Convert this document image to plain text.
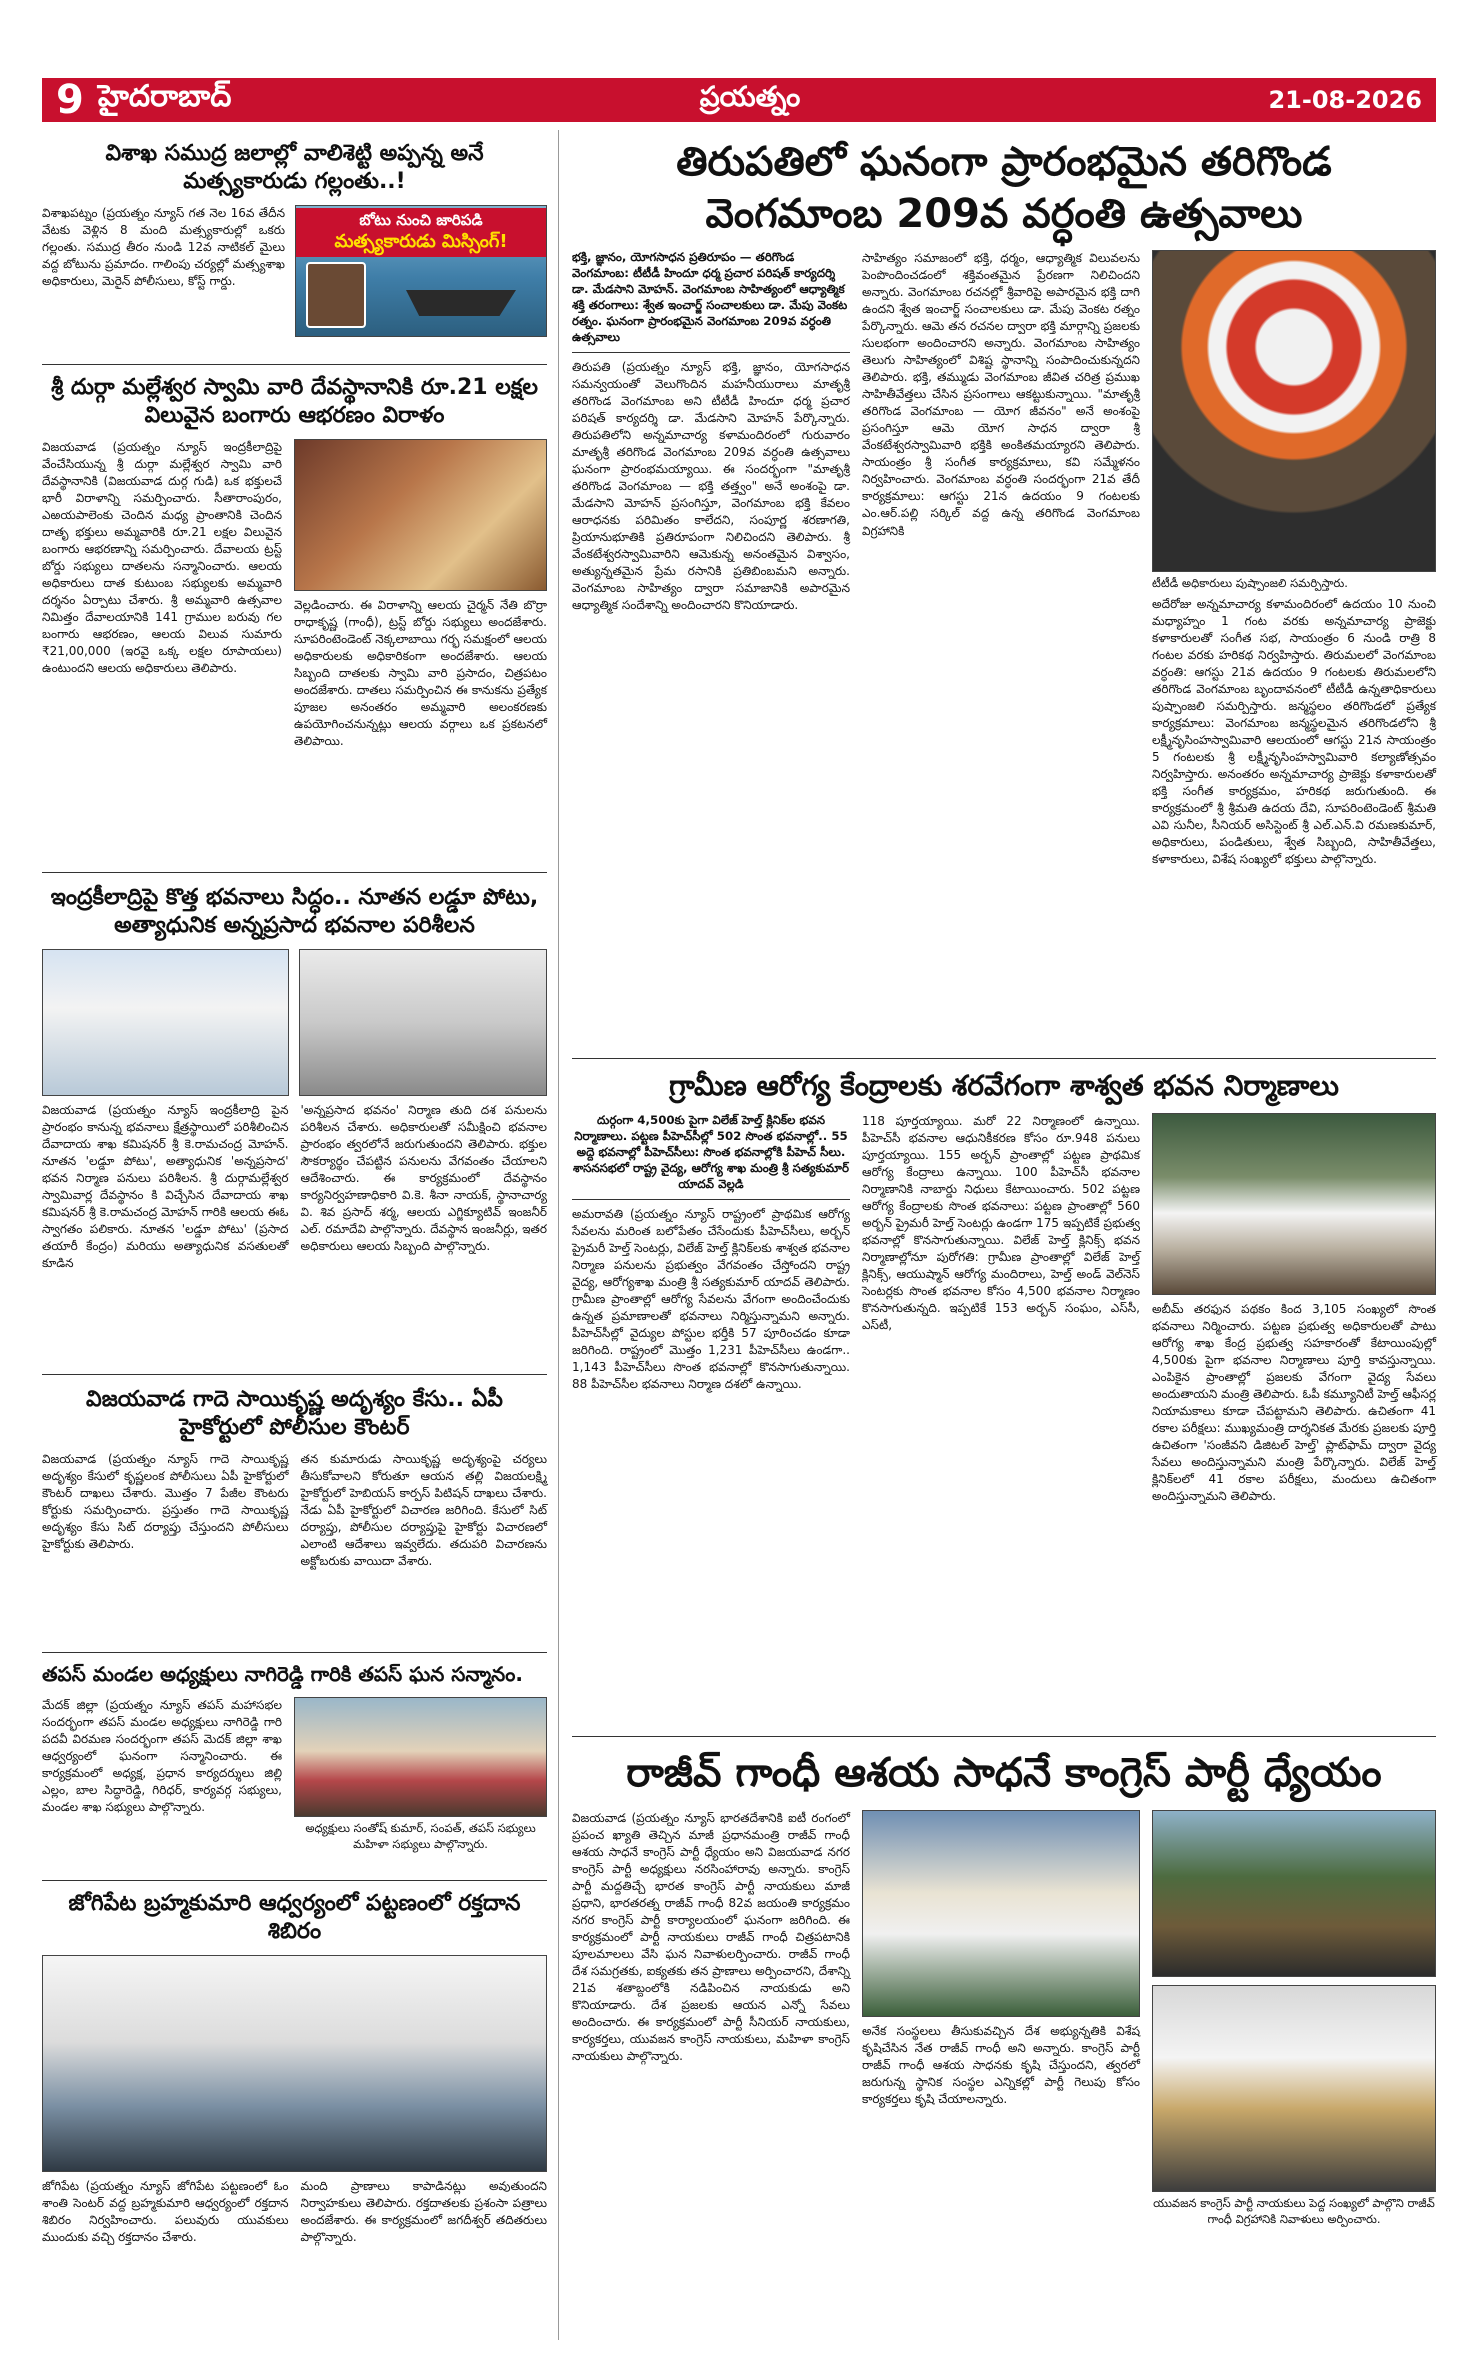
9 హైదరాబాద్	ప్రయత్నం	21-08-2026
విశాఖ సముద్ర జలాల్లో వాలిశెట్టి అప్పన్న అనే మత్స్యకారుడు గల్లంతు..!
విశాఖపట్నం (ప్రయత్నం న్యూస్ గత నెల 16వ తేదీన వేటకు వెళ్లిన 8 మంది మత్స్యకారుల్లో ఒకరు గల్లంతు. సముద్ర తీరం నుండి 12వ నాటికల్ మైలు వద్ద బోటును ప్రమాదం. గాలింపు చర్యల్లో మత్స్యశాఖ అధికారులు, మెరైన్ పోలీసులు, కోస్ట్ గార్డు.
బోటు నుంచి జారిపడి
మత్స్యకారుడు మిస్సింగ్!
శ్రీ దుర్గా మల్లేశ్వర స్వామి వారి దేవస్థానానికి రూ.21 లక్షల విలువైన బంగారు ఆభరణం విరాళం
విజయవాడ (ప్రయత్నం న్యూస్ ఇంద్రకీలాద్రిపై వేంచేసియున్న శ్రీ దుర్గా మల్లేశ్వర స్వామి వారి దేవస్థానానికి (విజయవాడ దుర్గ గుడి) ఒక భక్తులచే భారీ విరాళాన్ని సమర్పించారు. సీతారాంపురం, ఎఱయపాలెంకు చెందిన మధ్య ప్రాంతానికి చెందిన దాతృ భక్తులు అమ్మవారికి రూ.21 లక్షల విలువైన బంగారు ఆభరణాన్ని సమర్పించారు. దేవాలయ ట్రస్ట్ బోర్డు సభ్యులు దాతలను సన్మానించారు. ఆలయ అధికారులు దాత కుటుంబ సభ్యులకు అమ్మవారి దర్శనం ఏర్పాటు చేశారు. శ్రీ అమ్మవారి ఉత్సవాల నిమిత్తం దేవాలయానికి 141 గ్రాముల బరువు గల బంగారు ఆభరణం, ఆలయ విలువ సుమారు ₹21,00,000 (ఇరవై ఒక్క లక్షల రూపాయలు) ఉంటుందని ఆలయ అధికారులు తెలిపారు.
వెల్లడించారు. ఈ విరాళాన్ని ఆలయ చైర్మన్ నేతి బొర్రా రాధాకృష్ణ (గాంధీ), ట్రస్ట్ బోర్డు సభ్యులు అందజేశారు. సూపరింటెండెంట్ నెక్కలాబాయి గర్భ సమక్షంలో ఆలయ అధికారులకు అధికారికంగా అందజేశారు. ఆలయ సిబ్బంది దాతలకు స్వామి వారి ప్రసాదం, చిత్రపటం అందజేశారు. దాతలు సమర్పించిన ఈ కానుకను ప్రత్యేక పూజల అనంతరం అమ్మవారి అలంకరణకు ఉపయోగించనున్నట్లు ఆలయ వర్గాలు ఒక ప్రకటనలో తెలిపాయి.
ఇంద్రకీలాద్రిపై కొత్త భవనాలు సిద్ధం.. నూతన లడ్డూ పోటు, అత్యాధునిక అన్నప్రసాద భవనాల పరిశీలన
విజయవాడ (ప్రయత్నం న్యూస్ ఇంద్రకీలాద్రి పైన ప్రారంభం కానున్న భవనాలు క్షేత్రస్థాయిలో పరిశీలించిన దేవాదాయ శాఖ కమిషనర్ శ్రీ కె.రామచంద్ర మోహన్. నూతన 'లడ్డూ పోటు', అత్యాధునిక 'అన్నప్రసాద' భవన నిర్మాణ పనులు పరిశీలన. శ్రీ దుర్గామల్లేశ్వర స్వామివార్ల దేవస్థానం కి విచ్చేసిన దేవాదాయ శాఖ కమిషనర్ శ్రీ కె.రామచంద్ర మోహన్ గారికి ఆలయ ఈఓ స్వాగతం పలికారు. నూతన 'లడ్డూ పోటు' (ప్రసాద తయారీ కేంద్రం) మరియు అత్యాధునిక వసతులతో కూడిన
'అన్నప్రసాద భవనం' నిర్మాణ తుది దశ పనులను పరిశీలన చేశారు. అధికారులతో సమీక్షించి భవనాల ప్రారంభం త్వరలోనే జరుగుతుందని తెలిపారు. భక్తుల సౌకర్యార్థం చేపట్టిన పనులను వేగవంతం చేయాలని ఆదేశించారు. ఈ కార్యక్రమంలో దేవస్థానం కార్యనిర్వహణాధికారి వి.కె. శీనా నాయక్, స్థానాచార్య వి. శివ ప్రసాద్ శర్మ, ఆలయ ఎగ్జిక్యూటివ్ ఇంజనీర్ ఎల్. రమాదేవి పాల్గొన్నారు. దేవస్థాన ఇంజనీర్లు, ఇతర అధికారులు ఆలయ సిబ్బంది పాల్గొన్నారు.
విజయవాడ గాదె సాయికృష్ణ అదృశ్యం కేసు.. ఏపీ హైకోర్టులో పోలీసుల కౌంటర్
విజయవాడ (ప్రయత్నం న్యూస్ గాదె సాయికృష్ణ అదృశ్యం కేసులో కృష్ణలంక పోలీసులు ఏపీ హైకోర్టులో కౌంటర్ దాఖలు చేశారు. మొత్తం 7 పేజీల కౌంటరు కోర్టుకు సమర్పించారు. ప్రస్తుతం గాదె సాయికృష్ణ అదృశ్యం కేసు సిట్ దర్యాప్తు చేస్తుందని పోలీసులు హైకోర్టుకు తెలిపారు.
తన కుమారుడు సాయికృష్ణ అదృశ్యంపై చర్యలు తీసుకోవాలని కోరుతూ ఆయన తల్లి విజయలక్ష్మి హైకోర్టులో హెబియస్ కార్పస్ పిటిషన్ దాఖలు చేశారు. నేడు ఏపీ హైకోర్టులో విచారణ జరిగింది. కేసులో సిట్ దర్యాప్తు, పోలీసుల దర్యాప్తుపై హైకోర్టు విచారణలో ఎలాంటి ఆదేశాలు ఇవ్వలేదు. తదుపరి విచారణను అక్టోబరుకు వాయిదా వేశారు.
తపస్ మండల అధ్యక్షులు నాగిరెడ్డి గారికి తపస్ ఘన సన్మానం.
మేదక్ జిల్లా (ప్రయత్నం న్యూస్ తపస్ మహాసభల సందర్భంగా తపస్ మండల అధ్యక్షులు నాగిరెడ్డి గారి పదవీ విరమణ సందర్భంగా తపస్ మెదక్ జిల్లా శాఖ ఆధ్వర్యంలో ఘనంగా సన్మానించారు. ఈ కార్యక్రమంలో అధ్యక్ష, ప్రధాన కార్యదర్శులు జిల్లి ఎల్లం, బాల సిద్ధారెడ్డి, గిరిధర్, కార్యవర్గ సభ్యులు, మండల శాఖ సభ్యులు పాల్గొన్నారు.
అధ్యక్షులు సంతోష్ కుమార్, సంపత్, తపస్ సభ్యులు మహిళా సభ్యులు పాల్గొన్నారు.
జోగిపేట బ్రహ్మకుమారి ఆధ్వర్యంలో పట్టణంలో రక్తదాన శిబిరం
జోగిపేట (ప్రయత్నం న్యూస్ జోగిపేట పట్టణంలో ఓం శాంతి సెంటర్ వద్ద బ్రహ్మకుమారి ఆధ్వర్యంలో రక్తదాన శిబిరం నిర్వహించారు. పలువురు యువకులు ముందుకు వచ్చి రక్తదానం చేశారు.
మంది ప్రాణాలు కాపాడినట్లు అవుతుందని నిర్వాహకులు తెలిపారు. రక్తదాతలకు ప్రశంసా పత్రాలు అందజేశారు. ఈ కార్యక్రమంలో జగదీశ్వర్ తదితరులు పాల్గొన్నారు.
తిరుపతిలో ఘనంగా ప్రారంభమైన తరిగొండ
వెంగమాంబ 209వ వర్ధంతి ఉత్సవాలు
భక్తి, జ్ఞానం, యోగసాధన ప్రతిరూపం — తరిగొండ వెంగమాంబ: టీటీడీ హిందూ ధర్మ ప్రచార పరిషత్ కార్యదర్శి డా. మేడసాని మోహన్. వెంగమాంబ సాహిత్యంలో ఆధ్యాత్మిక శక్తి తరంగాలు: శ్వేత ఇంచార్జ్ సంచాలకులు డా. మేపు వెంకట రత్నం. ఘనంగా ప్రారంభమైన వెంగమాంబ 209వ వర్ధంతి ఉత్సవాలు
తిరుపతి (ప్రయత్నం న్యూస్ భక్తి, జ్ఞానం, యోగసాధన సమన్వయంతో వెలుగొందిన మహనీయురాలు మాతృశ్రీ తరిగొండ వెంగమాంబ అని టీటీడీ హిందూ ధర్మ ప్రచార పరిషత్ కార్యదర్శి డా. మేడసాని మోహన్ పేర్కొన్నారు. తిరుపతిలోని అన్నమాచార్య కళామందిరంలో గురువారం మాతృశ్రీ తరిగొండ వెంగమాంబ 209వ వర్ధంతి ఉత్సవాలు ఘనంగా ప్రారంభమయ్యాయి. ఈ సందర్భంగా "మాతృశ్రీ తరిగొండ వెంగమాంబ — భక్తి తత్త్వం" అనే అంశంపై డా. మేడసాని మోహన్ ప్రసంగిస్తూ, వెంగమాంబ భక్తి కేవలం ఆరాధనకు పరిమితం కాలేదని, సంపూర్ణ శరణాగతి, ప్రియానుభూతికి ప్రతిరూపంగా నిలిచిందని తెలిపారు. శ్రీ వేంకటేశ్వరస్వామివారిని ఆమెకున్న అనంతమైన విశ్వాసం, అత్యున్నతమైన ప్రేమ రసానికి ప్రతిబింబమని అన్నారు. వెంగమాంబ సాహిత్యం ద్వారా సమాజానికి అపారమైన ఆధ్యాత్మిక సందేశాన్ని అందించారని కొనియాడారు.
సాహిత్యం సమాజంలో భక్తి, ధర్మం, ఆధ్యాత్మిక విలువలను పెంపొందించడంలో శక్తివంతమైన ప్రేరణగా నిలిచిందని అన్నారు. వెంగమాంబ రచనల్లో శ్రీవారిపై అపారమైన భక్తి దాగి ఉందని శ్వేత ఇంచార్జ్ సంచాలకులు డా. మేపు వెంకట రత్నం పేర్కొన్నారు. ఆమె తన రచనల ద్వారా భక్తి మార్గాన్ని ప్రజలకు సులభంగా అందించారని అన్నారు. వెంగమాంబ సాహిత్యం తెలుగు సాహిత్యంలో విశిష్ట స్థానాన్ని సంపాదించుకున్నదని తెలిపారు. భక్తి, తమ్ముడు వెంగమాంబ జీవిత చరిత్ర ప్రముఖ సాహితీవేత్తలు చేసిన ప్రసంగాలు ఆకట్టుకున్నాయి. "మాతృశ్రీ తరిగొండ వెంగమాంబ — యోగ జీవనం" అనే అంశంపై ప్రసంగిస్తూ ఆమె యోగ సాధన ద్వారా శ్రీ వేంకటేశ్వరస్వామివారి భక్తికి అంకితమయ్యారని తెలిపారు. సాయంత్రం శ్రీ సంగీత కార్యక్రమాలు, కవి సమ్మేళనం నిర్వహించారు. వెంగమాంబ వర్ధంతి సందర్భంగా 21వ తేదీ కార్యక్రమాలు: ఆగస్టు 21న ఉదయం 9 గంటలకు ఎం.ఆర్.పల్లి సర్కిల్ వద్ద ఉన్న తరిగొండ వెంగమాంబ విగ్రహానికి
టీటీడీ అధికారులు పుష్పాంజలి సమర్పిస్తారు.
అదేరోజు అన్నమాచార్య కళామందిరంలో ఉదయం 10 నుంచి మధ్యాహ్నం 1 గంట వరకు అన్నమాచార్య ప్రాజెక్టు కళాకారులతో సంగీత సభ, సాయంత్రం 6 నుండి రాత్రి 8 గంటల వరకు హరికథ నిర్వహిస్తారు. తిరుమలలో వెంగమాంబ వర్ధంతి: ఆగస్టు 21వ ఉదయం 9 గంటలకు తిరుమలలోని తరిగొండ వెంగమాంబ బృందావనంలో టీటీడీ ఉన్నతాధికారులు పుష్పాంజలి సమర్పిస్తారు. జన్మస్థలం తరిగొండలో ప్రత్యేక కార్యక్రమాలు: వెంగమాంబ జన్మస్థలమైన తరిగొండలోని శ్రీ లక్ష్మీనృసింహస్వామివారి ఆలయంలో ఆగస్టు 21న సాయంత్రం 5 గంటలకు శ్రీ లక్ష్మీనృసింహస్వామివారి కల్యాణోత్సవం నిర్వహిస్తారు. అనంతరం అన్నమాచార్య ప్రాజెక్టు కళాకారులతో భక్తి సంగీత కార్యక్రమం, హరికథ జరుగుతుంది. ఈ కార్యక్రమంలో శ్రీ శ్రీమతి ఉదయ దేవి, సూపరింటెండెంట్ శ్రీమతి ఎవి సునీల, సీనియర్ అసిస్టెంట్ శ్రీ ఎల్.ఎన్.వి రమణకుమార్, అధికారులు, పండితులు, శ్వేత సిబ్బంది, సాహితీవేత్తలు, కళాకారులు, విశేష సంఖ్యలో భక్తులు పాల్గొన్నారు.
గ్రామీణ ఆరోగ్య కేంద్రాలకు శరవేగంగా శాశ్వత భవన నిర్మాణాలు
దుర్గంగా 4,500కు పైగా విలేజ్ హెల్త్ క్లినిక్‌ల భవన నిర్మాణాలు. పట్టణ పీహెచ్‌సీల్లో 502 సొంత భవనాల్లో.. 55 అద్దె భవనాల్లో పీహెచ్‌సీలు: సొంత భవనాల్లోకి పీహెచ్ సీలు. శాసనసభలో రాష్ట్ర వైద్య, ఆరోగ్య శాఖ మంత్రి శ్రీ సత్యకుమార్ యాదవ్ వెల్లడి
అమరావతి (ప్రయత్నం న్యూస్ రాష్ట్రంలో ప్రాథమిక ఆరోగ్య సేవలను మరింత బలోపేతం చేసేందుకు పీహెచ్‌సీలు, అర్బన్ ప్రైమరీ హెల్త్ సెంటర్లు, విలేజ్ హెల్త్ క్లినిక్‌లకు శాశ్వత భవనాల నిర్మాణ పనులను ప్రభుత్వం వేగవంతం చేస్తోందని రాష్ట్ర వైద్య, ఆరోగ్యశాఖ మంత్రి శ్రీ సత్యకుమార్ యాదవ్ తెలిపారు. గ్రామీణ ప్రాంతాల్లో ఆరోగ్య సేవలను వేగంగా అందించేందుకు ఉన్నత ప్రమాణాలతో భవనాలు నిర్మిస్తున్నామని అన్నారు. పీహెచ్‌సీల్లో వైద్యుల పోస్టుల భర్తీకి 57 పూరించడం కూడా జరిగింది. రాష్ట్రంలో మొత్తం 1,231 పీహెచ్‌సీలు ఉండగా.. 1,143 పీహెచ్‌సీలు సొంత భవనాల్లో కొనసాగుతున్నాయి. 88 పీహెచ్‌సీల భవనాలు నిర్మాణ దశలో ఉన్నాయి.
118 పూర్తయ్యాయి. మరో 22 నిర్మాణంలో ఉన్నాయి. పీహెచ్‌సీ భవనాల ఆధునికీకరణ కోసం రూ.948 పనులు పూర్తయ్యాయి. 155 అర్బన్ ప్రాంతాల్లో పట్టణ ప్రాథమిక ఆరోగ్య కేంద్రాలు ఉన్నాయి. 100 పీహెచ్‌సీ భవనాల నిర్మాణానికి నాబార్డు నిధులు కేటాయించారు. 502 పట్టణ ఆరోగ్య కేంద్రాలకు సొంత భవనాలు: పట్టణ ప్రాంతాల్లో 560 అర్బన్ ప్రైమరీ హెల్త్ సెంటర్లు ఉండగా 175 ఇప్పటికే ప్రభుత్వ భవనాల్లో కొనసాగుతున్నాయి. విలేజ్ హెల్త్ క్లినిక్స్ భవన నిర్మాణాల్లోనూ పురోగతి: గ్రామీణ ప్రాంతాల్లో విలేజ్ హెల్త్ క్లినిక్స్, ఆయుష్మాన్ ఆరోగ్య మందిరాలు, హెల్త్ అండ్ వెల్‌నెస్ సెంటర్లకు సొంత భవనాల కోసం 4,500 భవనాల నిర్మాణం కొనసాగుతున్నది. ఇప్పటికే 153 అర్బన్ సంఘం, ఎస్‌సీ, ఎస్‌టీ,
అబీమ్ తరఫున పథకం కింద 3,105 సంఖ్యలో సొంత భవనాలు నిర్మించారు. పట్టణ ప్రభుత్వ అధికారులతో పాటు ఆరోగ్య శాఖ కేంద్ర ప్రభుత్వ సహకారంతో కేటాయింపుల్లో 4,500కు పైగా భవనాల నిర్మాణాలు పూర్తి కావస్తున్నాయి. ఎంపికైన ప్రాంతాల్లో ప్రజలకు వేగంగా వైద్య సేవలు అందుతాయని మంత్రి తెలిపారు. ఓపీ కమ్యూనిటీ హెల్త్ ఆఫీసర్ల నియామకాలు కూడా చేపట్టామని తెలిపారు. ఉచితంగా 41 రకాల పరీక్షలు: ముఖ్యమంత్రి దార్శనికత మేరకు ప్రజలకు పూర్తి ఉచితంగా 'సంజీవని డిజిటల్ హెల్త్' ప్లాట్‌ఫామ్ ద్వారా వైద్య సేవలు అందిస్తున్నామని మంత్రి పేర్కొన్నారు. విలేజ్ హెల్త్ క్లినిక్‌లలో 41 రకాల పరీక్షలు, మందులు ఉచితంగా అందిస్తున్నామని తెలిపారు.
రాజీవ్ గాంధీ ఆశయ సాధనే కాంగ్రెస్ పార్టీ ధ్యేయం
విజయవాడ (ప్రయత్నం న్యూస్ భారతదేశానికి ఐటీ రంగంలో ప్రపంచ ఖ్యాతి తెచ్చిన మాజీ ప్రధానమంత్రి రాజీవ్ గాంధీ ఆశయ సాధనే కాంగ్రెస్ పార్టీ ధ్యేయం అని విజయవాడ నగర కాంగ్రెస్ పార్టీ అధ్యక్షులు నరసింహారావు అన్నారు. కాంగ్రెస్ పార్టీ మద్దతిచ్చే భారత కాంగ్రెస్ పార్టీ నాయకులు మాజీ ప్రధాని, భారతరత్న రాజీవ్ గాంధీ 82వ జయంతి కార్యక్రమం నగర కాంగ్రెస్ పార్టీ కార్యాలయంలో ఘనంగా జరిగింది. ఈ కార్యక్రమంలో పార్టీ నాయకులు రాజీవ్ గాంధీ చిత్రపటానికి పూలమాలలు వేసి ఘన నివాళులర్పించారు. రాజీవ్ గాంధీ దేశ సమగ్రతకు, ఐక్యతకు తన ప్రాణాలు అర్పించారని, దేశాన్ని 21వ శతాబ్దంలోకి నడిపించిన నాయకుడు అని కొనియాడారు. దేశ ప్రజలకు ఆయన ఎన్నో సేవలు అందించారు. ఈ కార్యక్రమంలో పార్టీ సీనియర్ నాయకులు, కార్యకర్తలు, యువజన కాంగ్రెస్ నాయకులు, మహిళా కాంగ్రెస్ నాయకులు పాల్గొన్నారు.
అనేక సంస్థలలు తీసుకువచ్చిన దేశ అభ్యున్నతికి విశేష కృషిచేసిన నేత రాజీవ్ గాంధీ అని అన్నారు. కాంగ్రెస్ పార్టీ రాజీవ్ గాంధీ ఆశయ సాధనకు కృషి చేస్తుందని, త్వరలో జరుగున్న స్థానిక సంస్థల ఎన్నికల్లో పార్టీ గెలుపు కోసం కార్యకర్తలు కృషి చేయాలన్నారు.
యువజన కాంగ్రెస్ పార్టీ నాయకులు పెద్ద సంఖ్యలో పాల్గొని రాజీవ్ గాంధీ విగ్రహానికి నివాళులు అర్పించారు.
